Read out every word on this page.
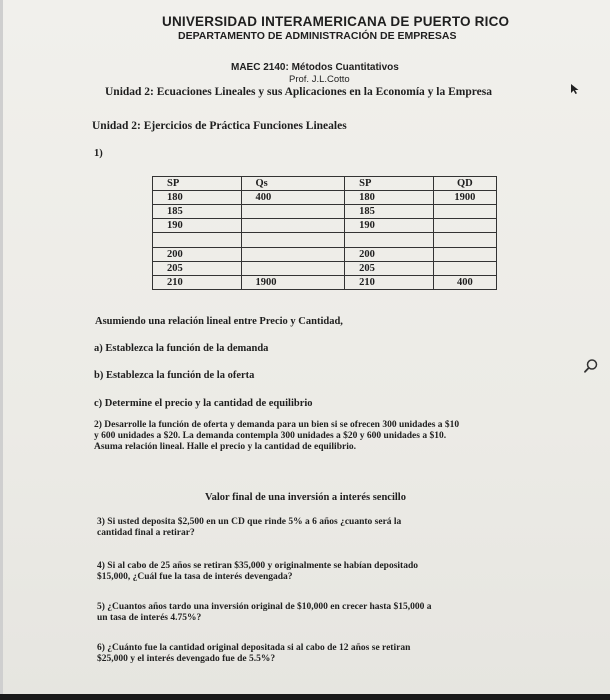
UNIVERSIDAD INTERAMERICANA DE PUERTO RICO
DEPARTAMENTO DE ADMINISTRACIÓN DE EMPRESAS
MAEC 2140: Métodos Cuantitativos
Prof. J.L.Cotto
Unidad 2: Ecuaciones Lineales y sus Aplicaciones en la Economía y la Empresa
Unidad 2: Ejercicios de Práctica Funciones Lineales
1)
SP	Qs	SP	QD
180	400	180	1900
185		185	
190		190	

200		200	
205		205	
210	1900	210	400
Asumiendo una relación lineal entre Precio y Cantidad,
a) Establezca la función de la demanda
b) Establezca la función de la oferta
c) Determine el precio y la cantidad de equilibrio
2) Desarrolle la función de oferta y demanda para un bien si se ofrecen 300 unidades a $10
y 600 unidades a $20. La demanda contempla 300 unidades a $20 y 600 unidades a $10.
Asuma relación lineal. Halle el precio y la cantidad de equilibrio.
Valor final de una inversión a interés sencillo
3) Si usted deposita $2,500 en un CD que rinde 5% a 6 años ¿cuanto será la
cantidad final a retirar?
4) Si al cabo de 25 años se retiran $35,000 y originalmente se habían depositado
$15,000, ¿Cuál fue la tasa de interés devengada?
5) ¿Cuantos años tardo una inversión original de $10,000 en crecer hasta $15,000 a
un tasa de interés 4.75%?
6) ¿Cuánto fue la cantidad original depositada si al cabo de 12 años se retiran
$25,000 y el interés devengado fue de 5.5%?
